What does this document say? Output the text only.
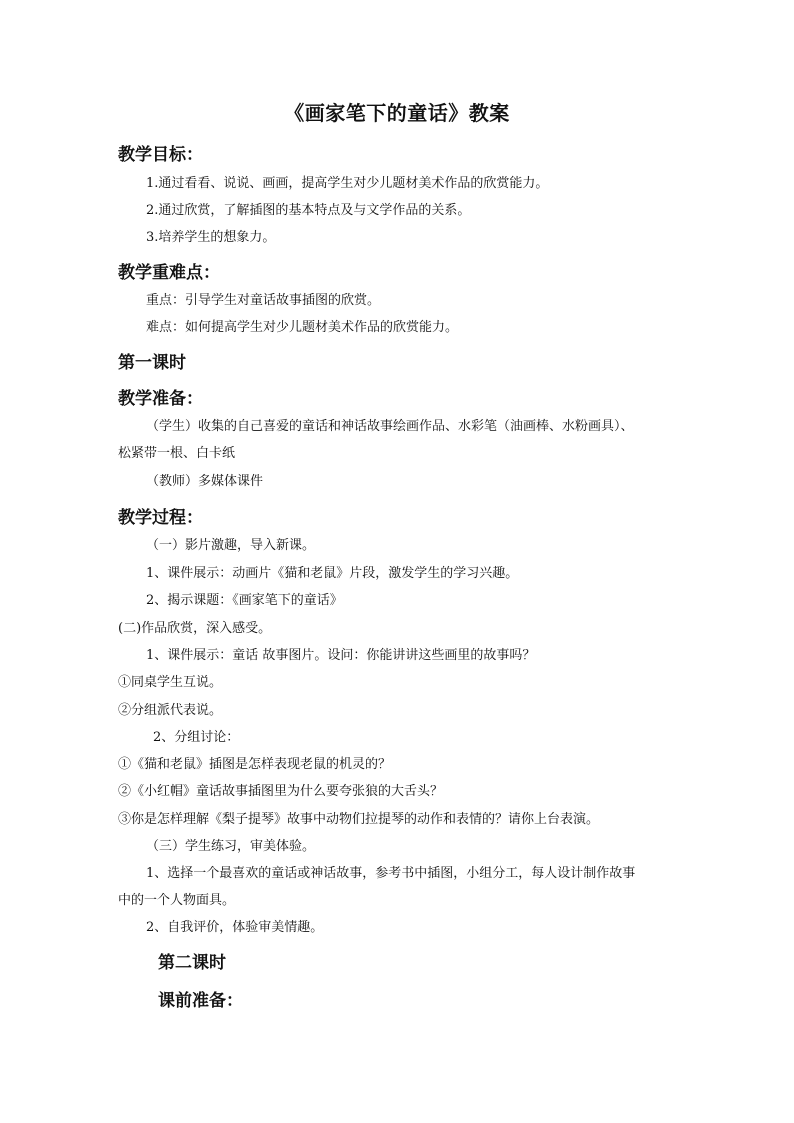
《画家笔下的童话》教案
教学目标：
1.通过看看、说说、画画，提高学生对少儿题材美术作品的欣赏能力。
2.通过欣赏，了解插图的基本特点及与文学作品的关系。
3.培养学生的想象力。
教学重难点：
重点：引导学生对童话故事插图的欣赏。
难点：如何提高学生对少儿题材美术作品的欣赏能力。
第一课时
教学准备：
（学生）收集的自己喜爱的童话和神话故事绘画作品、水彩笔（油画棒、水粉画具）、
松紧带一根、白卡纸
（教师）多媒体课件
教学过程：
（一）影片激趣，导入新课。
1、课件展示：动画片《猫和老鼠》片段，激发学生的学习兴趣。
2、揭示课题：《画家笔下的童话》
(二)作品欣赏，深入感受。
1、课件展示：童话 故事图片。设问：你能讲讲这些画里的故事吗？
①同桌学生互说。
②分组派代表说。
2、分组讨论：
①《猫和老鼠》插图是怎样表现老鼠的机灵的？
②《小红帽》童话故事插图里为什么要夸张狼的大舌头？
③你是怎样理解《梨子提琴》故事中动物们拉提琴的动作和表情的？请你上台表演。
（三）学生练习，审美体验。
1、选择一个最喜欢的童话或神话故事，参考书中插图，小组分工，每人设计制作故事
中的一个人物面具。
2、自我评价，体验审美情趣。
第二课时
课前准备：
